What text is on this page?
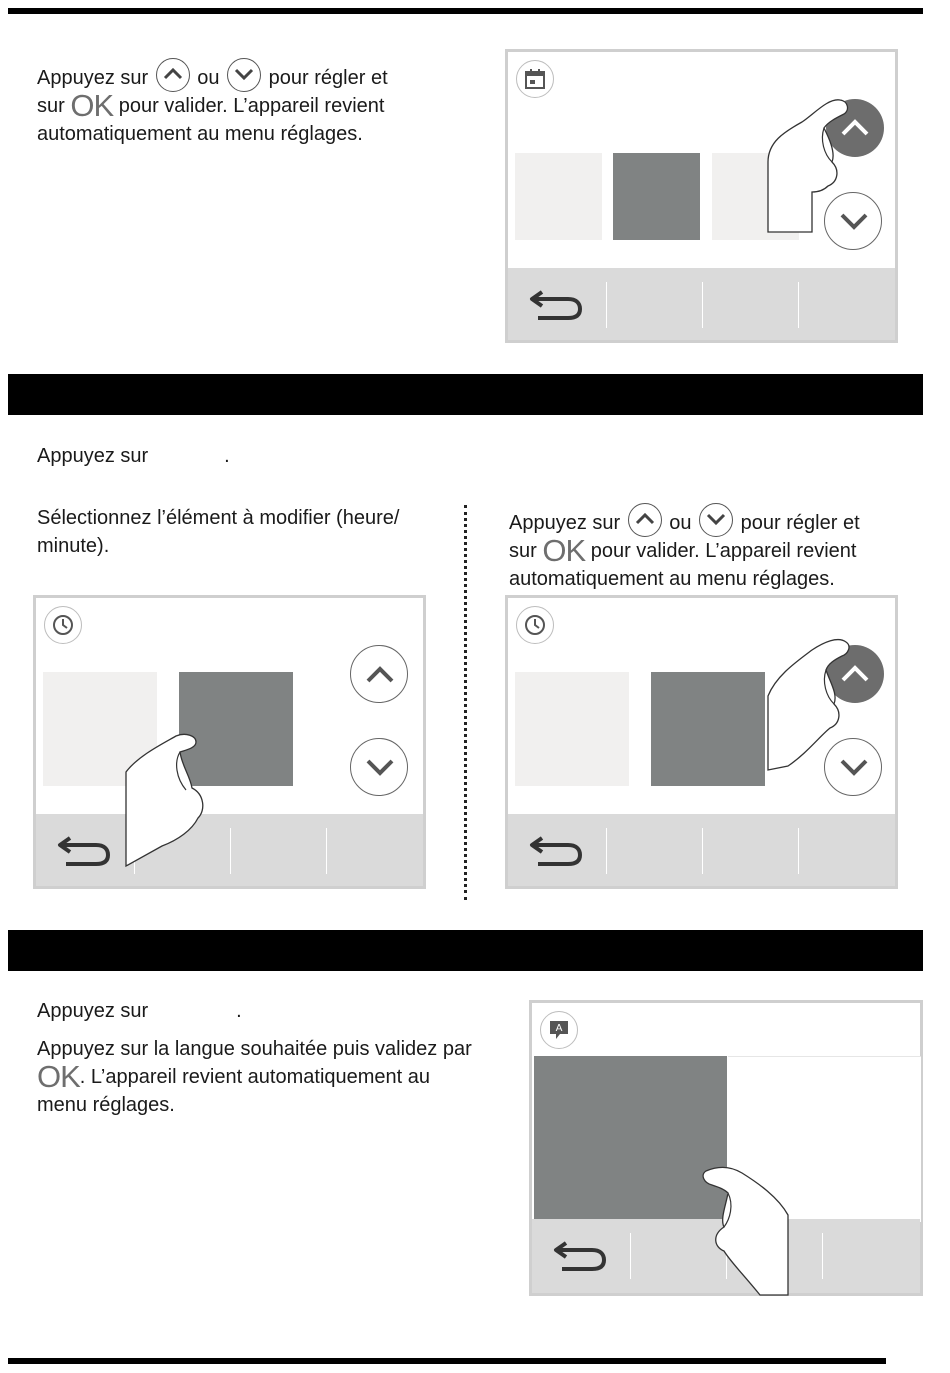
Appuyez sur ou pour régler et
sur OK pour valider. L’appareil revient
automatiquement au menu réglages.
Appuyez sur	.
Sélectionnez l’élément à modifier (heure/
minute).
Appuyez sur ou pour régler et
sur OK pour valider. L’appareil revient
automatiquement au menu réglages.
Appuyez sur	.
Appuyez sur la langue souhaitée puis validez par
OK. L’appareil revient automatiquement au
menu réglages.
A
